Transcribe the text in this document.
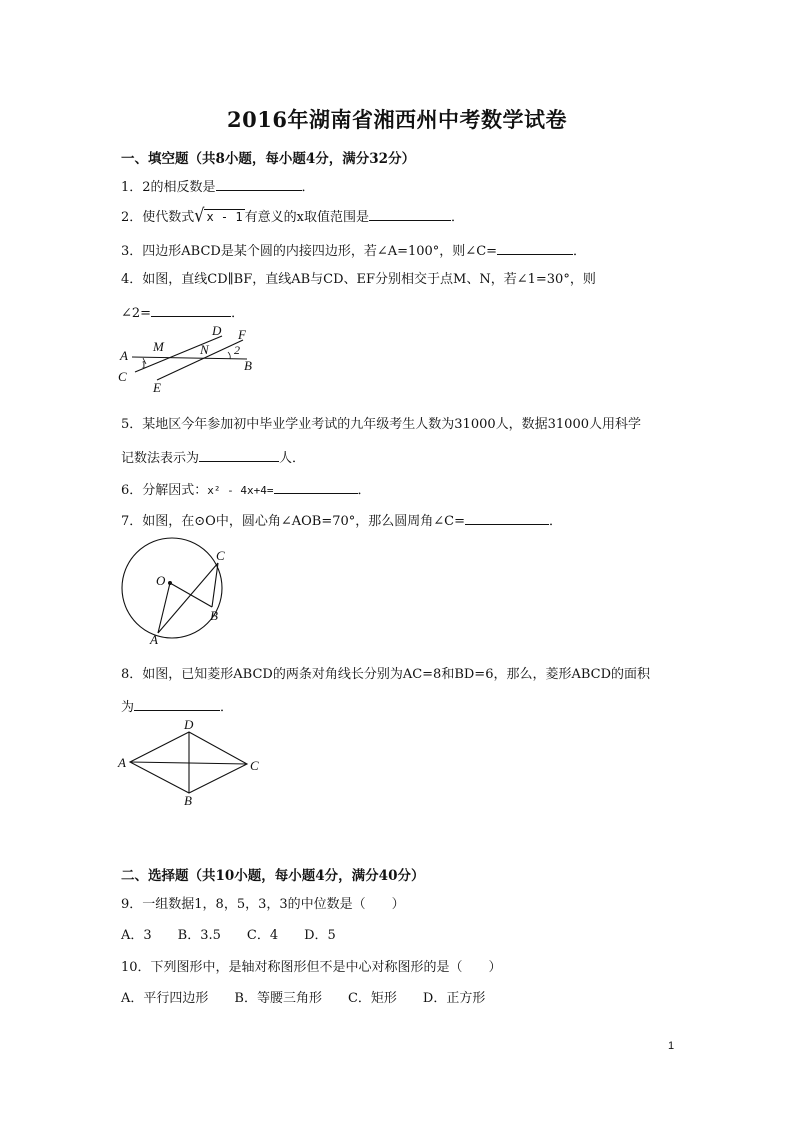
2016年湖南省湘西州中考数学试卷
一、填空题（共8小题，每小题4分，满分32分）
1．2的相反数是	．
2．使代数式√ x - 1 有意义的x取值范围是	．
3．四边形ABCD是某个圆的内接四边形，若∠A=100°，则∠C=	．
4．如图，直线CD∥BF，直线AB与CD、EF分别相交于点M、N，若∠1=30°，则
∠2=	．
A
B
C
D
E
F
M	N
1
2
5．某地区今年参加初中毕业学业考试的九年级考生人数为31000人，数据31000人用科学
记数法表示为	人．
6．分解因式：x² - 4x+4=	．
7．如图，在⊙O中，圆心角∠AOB=70°，那么圆周角∠C=	．
O
A
B
C
8．如图，已知菱形ABCD的两条对角线长分别为AC=8和BD=6，那么，菱形ABCD的面积
为	．
A
B
C
D
二、选择题（共10小题，每小题4分，满分40分）
9．一组数据1，8，5，3，3的中位数是（　　）
A．3 B．3.5 C．4 D．5
10．下列图形中，是轴对称图形但不是中心对称图形的是（　　）
A．平行四边形 B．等腰三角形 C．矩形 D．正方形
1
